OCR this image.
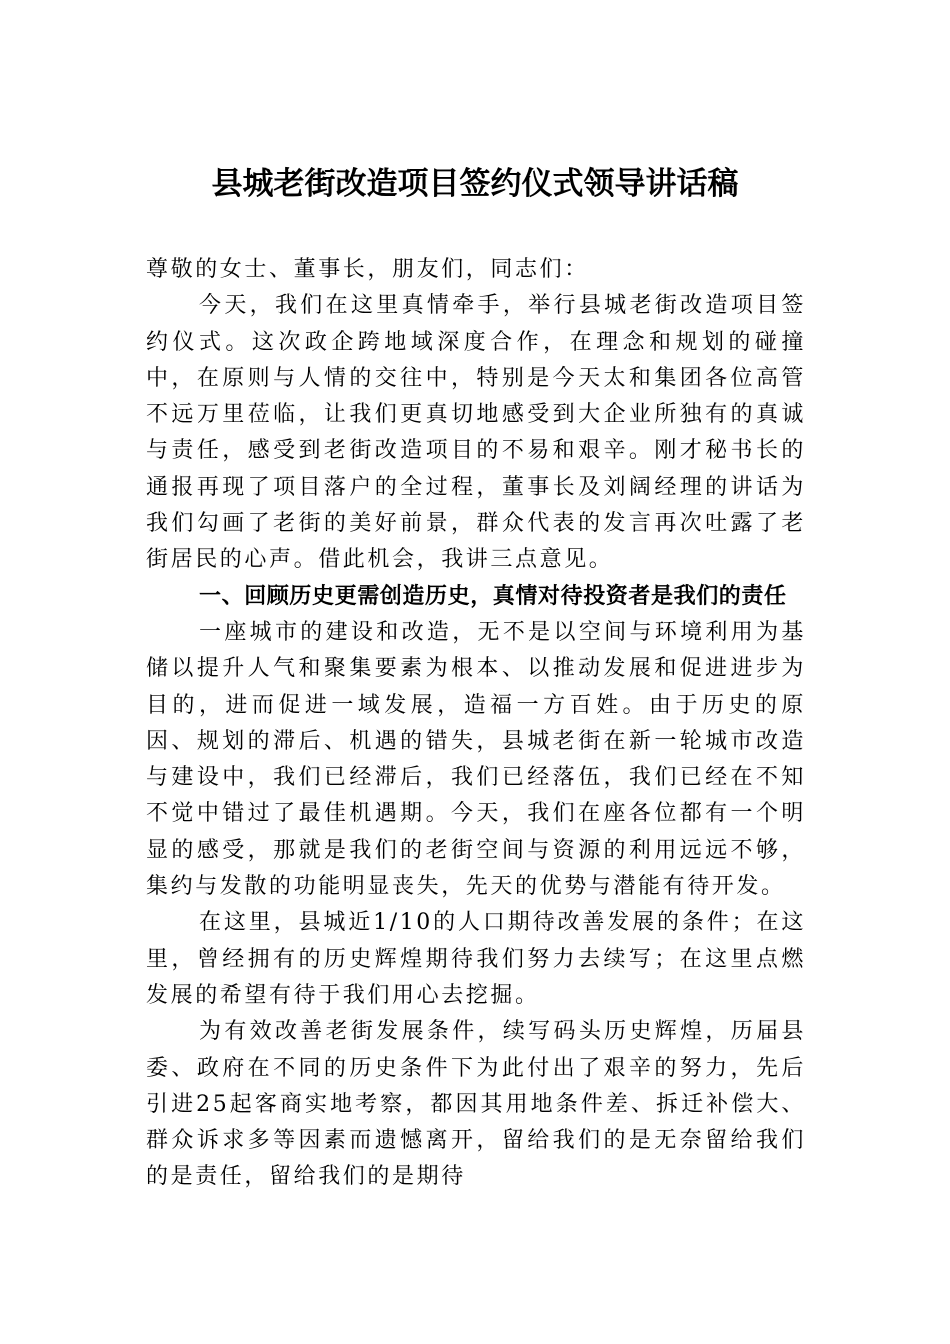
县城老街改造项目签约仪式领导讲话稿

尊敬的女士、董事长，朋友们，同志们：

今天，我们在这里真情牵手，举行县城老街改造项目签约仪式。这次政企跨地域深度合作，在理念和规划的碰撞中，在原则与人情的交往中，特别是今天太和集团各位高管不远万里莅临，让我们更真切地感受到大企业所独有的真诚与责任，感受到老街改造项目的不易和艰辛。刚才秘书长的通报再现了项目落户的全过程，董事长及刘阔经理的讲话为我们勾画了老街的美好前景，群众代表的发言再次吐露了老街居民的心声。借此机会，我讲三点意见。

一、回顾历史更需创造历史，真情对待投资者是我们的责任

一座城市的建设和改造，无不是以空间与环境利用为基储以提升人气和聚集要素为根本、以推动发展和促进进步为目的，进而促进一域发展，造福一方百姓。由于历史的原因、规划的滞后、机遇的错失，县城老街在新一轮城市改造与建设中，我们已经滞后，我们已经落伍，我们已经在不知不觉中错过了最佳机遇期。今天，我们在座各位都有一个明显的感受，那就是我们的老街空间与资源的利用远远不够，集约与发散的功能明显丧失，先天的优势与潜能有待开发。

在这里，县城近1/10的人口期待改善发展的条件；在这里，曾经拥有的历史辉煌期待我们努力去续写；在这里点燃发展的希望有待于我们用心去挖掘。

为有效改善老街发展条件，续写码头历史辉煌，历届县委、政府在不同的历史条件下为此付出了艰辛的努力，先后引进25起客商实地考察，都因其用地条件差、拆迁补偿大、群众诉求多等因素而遗憾离开，留给我们的是无奈留给我们的是责任，留给我们的是期待
